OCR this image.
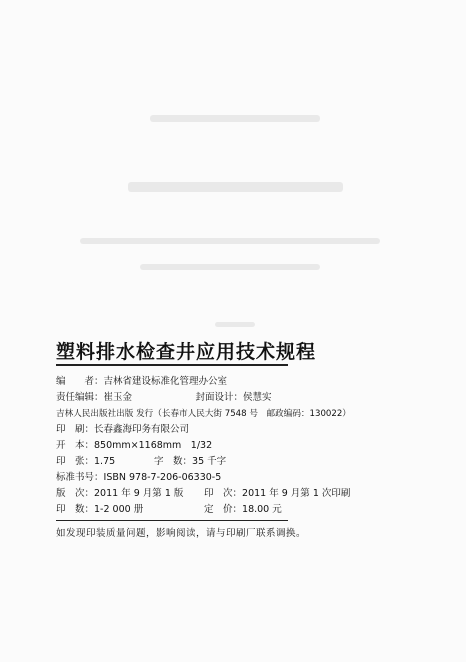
塑料排水检查井应用技术规程
编　　者：吉林省建设标准化管理办公室
责任编辑：崔玉金	封面设计：侯慧实
吉林人民出版社出版 发行（长春市人民大街 7548 号　邮政编码：130022）
印　刷：长春鑫海印务有限公司
开　本：850mm×1168mm　1/32
印　张：1.75	字　数：35 千字
标准书号：ISBN 978-7-206-06330-5
版　次：2011 年 9 月第 1 版 印　次：2011 年 9 月第 1 次印刷
印　数：1-2 000 册	定　价：18.00 元
如发现印装质量问题，影响阅读，请与印刷厂联系调换。
